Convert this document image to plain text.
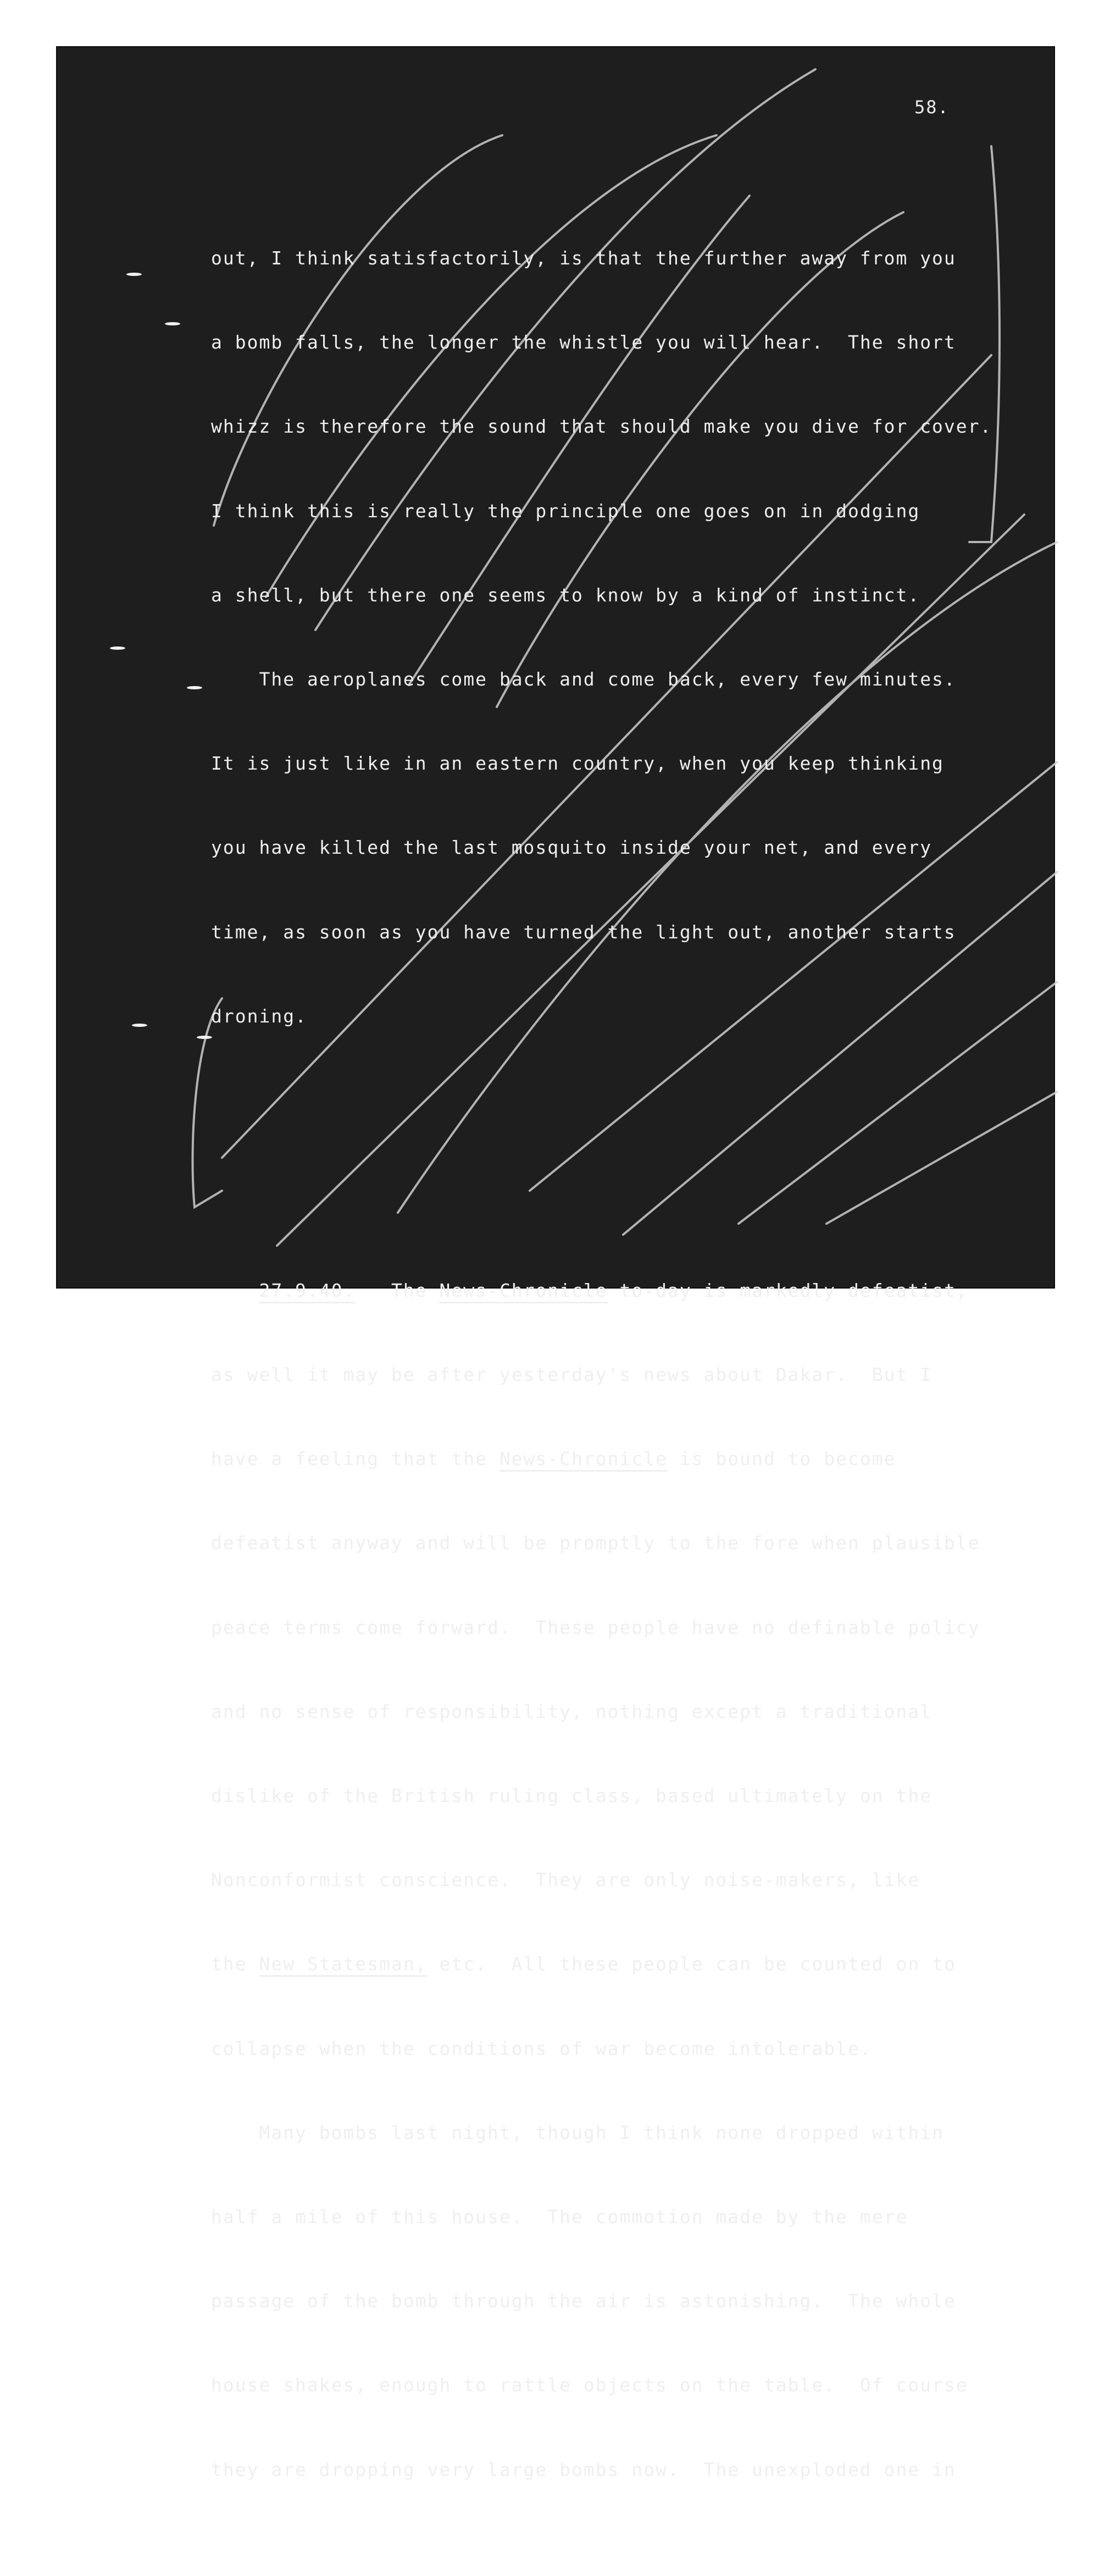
58.

out, I think satisfactorily, is that the further away from you

a bomb falls, the longer the whistle you will hear.  The short

whizz is therefore the sound that should make you dive for cover.

I think this is really the principle one goes on in dodging

a shell, but there one seems to know by a kind of instinct.

The aeroplanes come back and come back, every few minutes.

It is just like in an eastern country, when you keep thinking

you have killed the last mosquito inside your net, and every

time, as soon as you have turned the light out, another starts

droning.

27.9.40.   The News-Chronicle to-day is markedly defeatist,

as well it may be after yesterday's news about Dakar.  But I

have a feeling that the News-Chronicle is bound to become

defeatist anyway and will be promptly to the fore when plausible

peace terms come forward.  These people have no definable policy

and no sense of responsibility, nothing except a traditional

dislike of the British ruling class, based ultimately on the

Nonconformist conscience.  They are only noise-makers, like

the New Statesman, etc.  All these people can be counted on to

collapse when the conditions of war become intolerable.

Many bombs last night, though I think none dropped within

half a mile of this house.  The commotion made by the mere

passage of the bomb through the air is astonishing.  The whole

house shakes, enough to rattle objects on the table.  Of course

they are dropping very large bombs now.  The unexploded one in
